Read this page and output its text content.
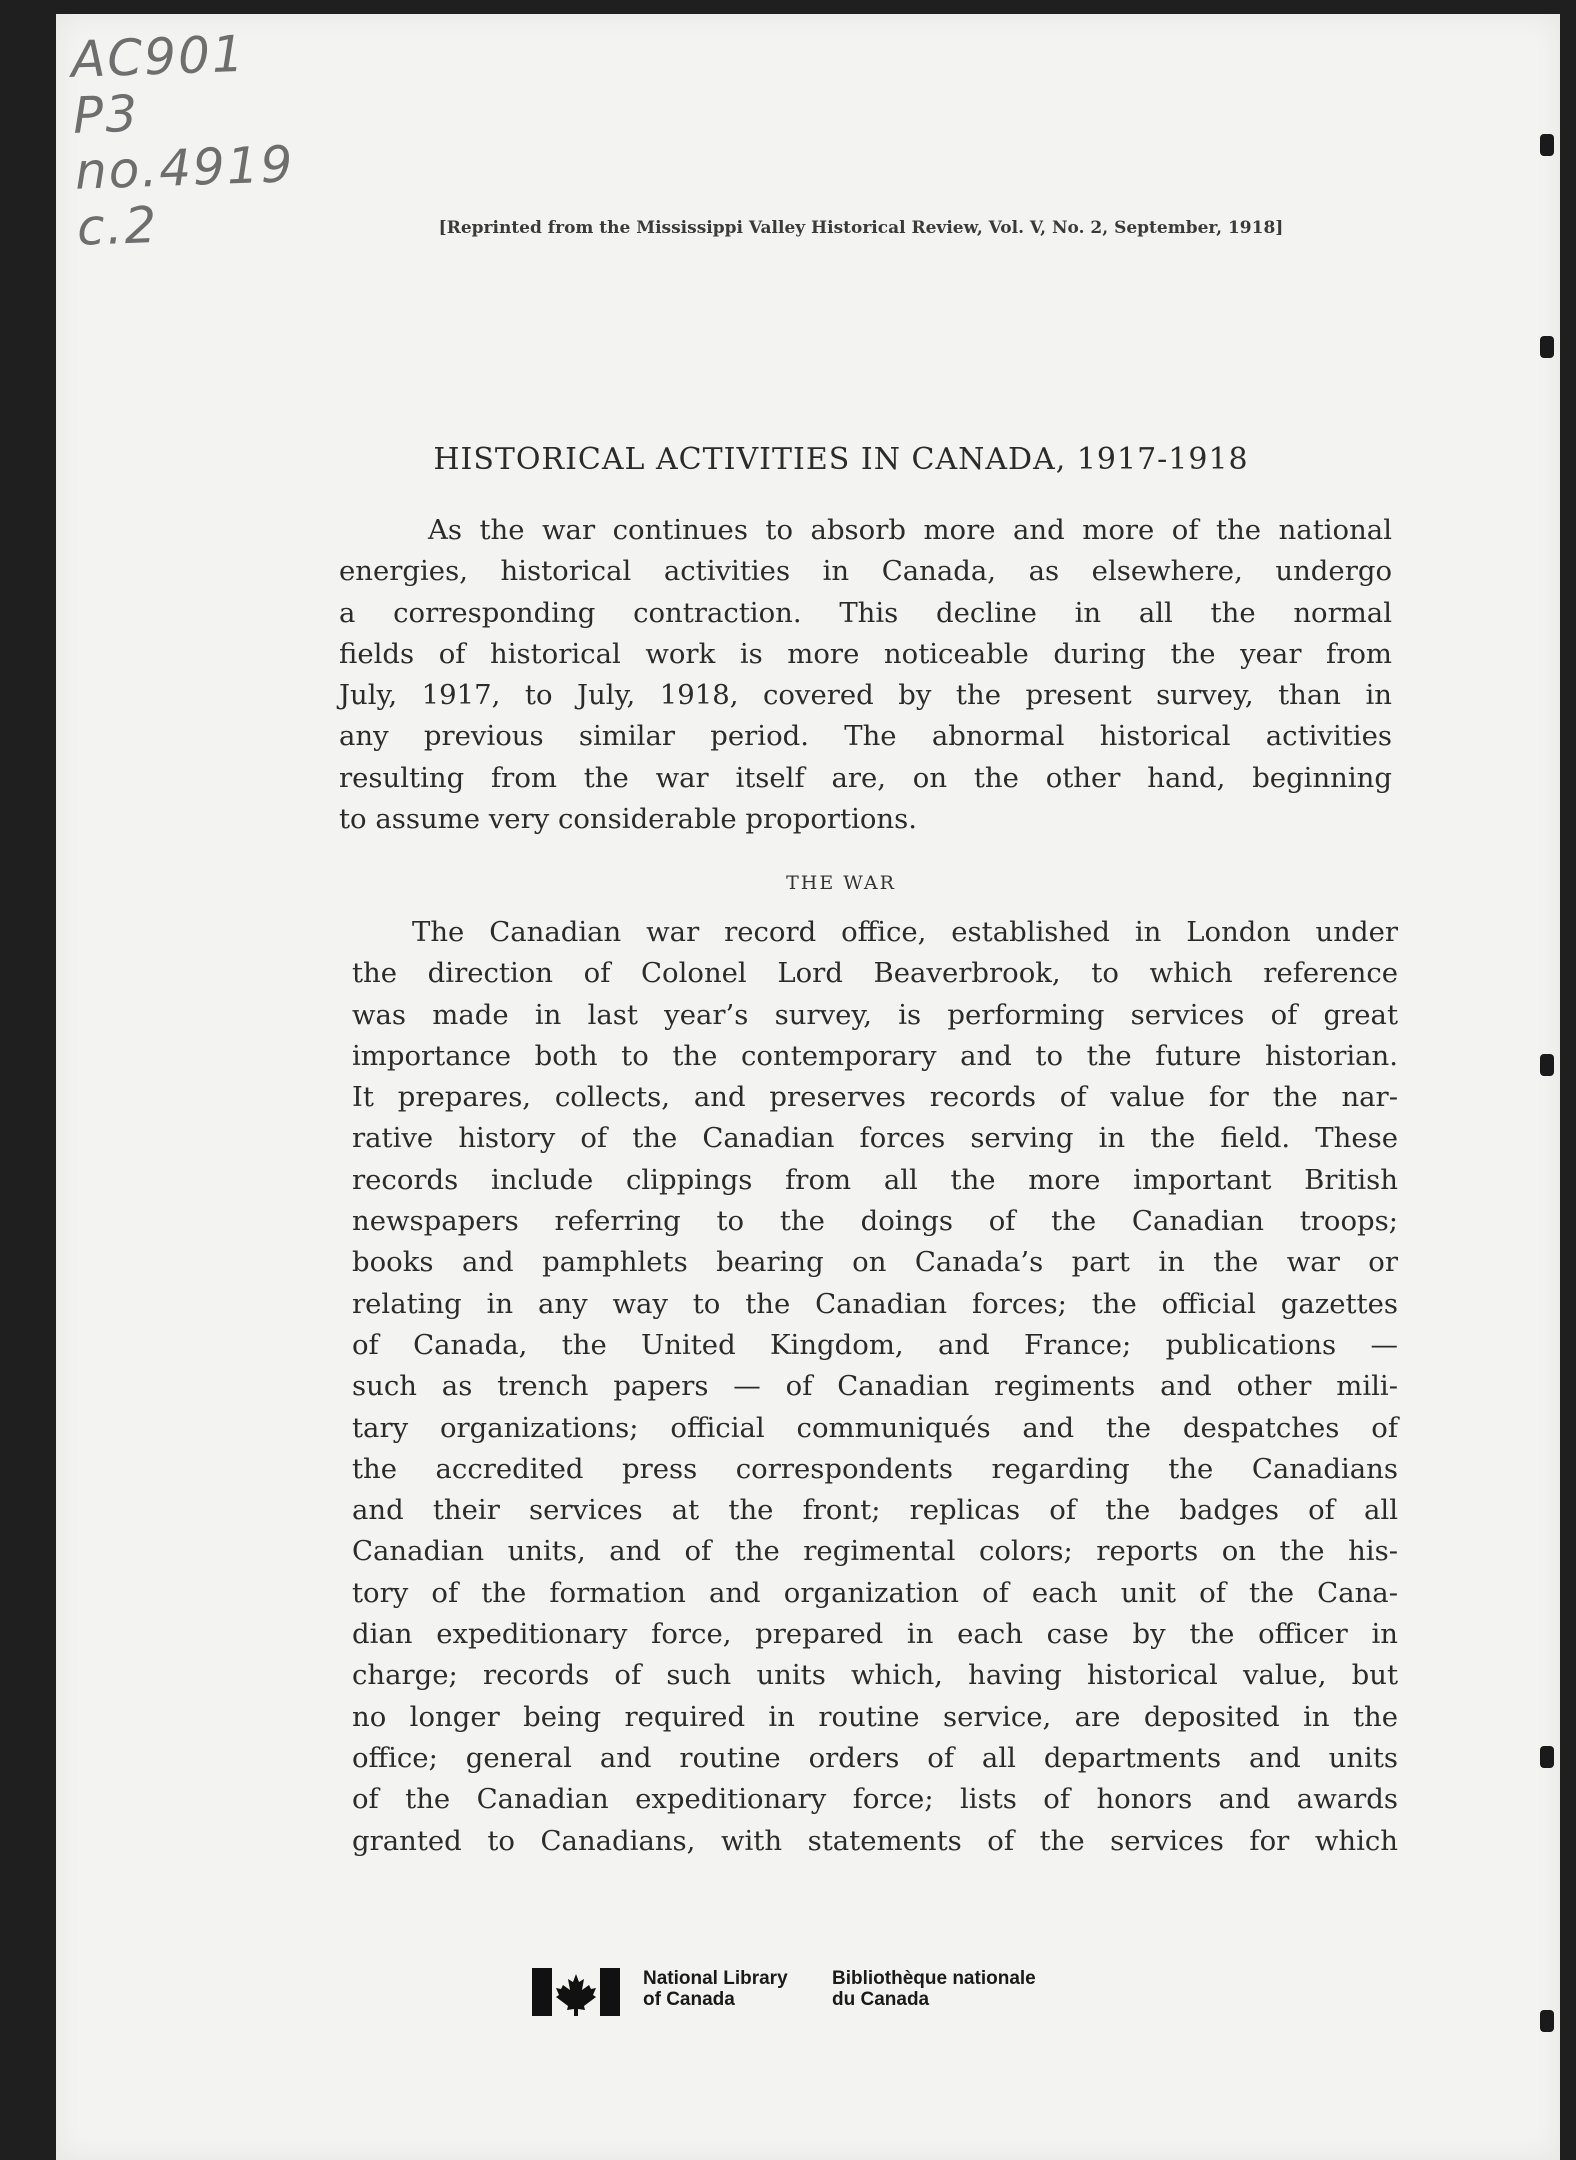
AC901
P3
no.4919
c.2	[Reprinted from the Mississippi Valley Historical Review, Vol. V, No. 2, September, 1918]
HISTORICAL ACTIVITIES IN CANADA, 1917-1918
As the war continues to absorb more and more of the national
energies, historical activities in Canada, as elsewhere, undergo
a corresponding contraction. This decline in all the normal
fields of historical work is more noticeable during the year from
July, 1917, to July, 1918, covered by the present survey, than in
any previous similar period. The abnormal historical activities
resulting from the war itself are, on the other hand, beginning
to assume very considerable proportions.
THE WAR
The Canadian war record office, established in London under
the direction of Colonel Lord Beaverbrook, to which reference
was made in last year’s survey, is performing services of great
importance both to the contemporary and to the future historian.
It prepares, collects, and preserves records of value for the nar-
rative history of the Canadian forces serving in the field. These
records include clippings from all the more important British
newspapers referring to the doings of the Canadian troops;
books and pamphlets bearing on Canada’s part in the war or
relating in any way to the Canadian forces; the official gazettes
of Canada, the United Kingdom, and France; publications —
such as trench papers — of Canadian regiments and other mili-
tary organizations; official communiqués and the despatches of
the accredited press correspondents regarding the Canadians
and their services at the front; replicas of the badges of all
Canadian units, and of the regimental colors; reports on the his-
tory of the formation and organization of each unit of the Cana-
dian expeditionary force, prepared in each case by the officer in
charge; records of such units which, having historical value, but
no longer being required in routine service, are deposited in the
office; general and routine orders of all departments and units
of the Canadian expeditionary force; lists of honors and awards
granted to Canadians, with statements of the services for which
National Library
of Canada
Bibliothèque nationale
du Canada
